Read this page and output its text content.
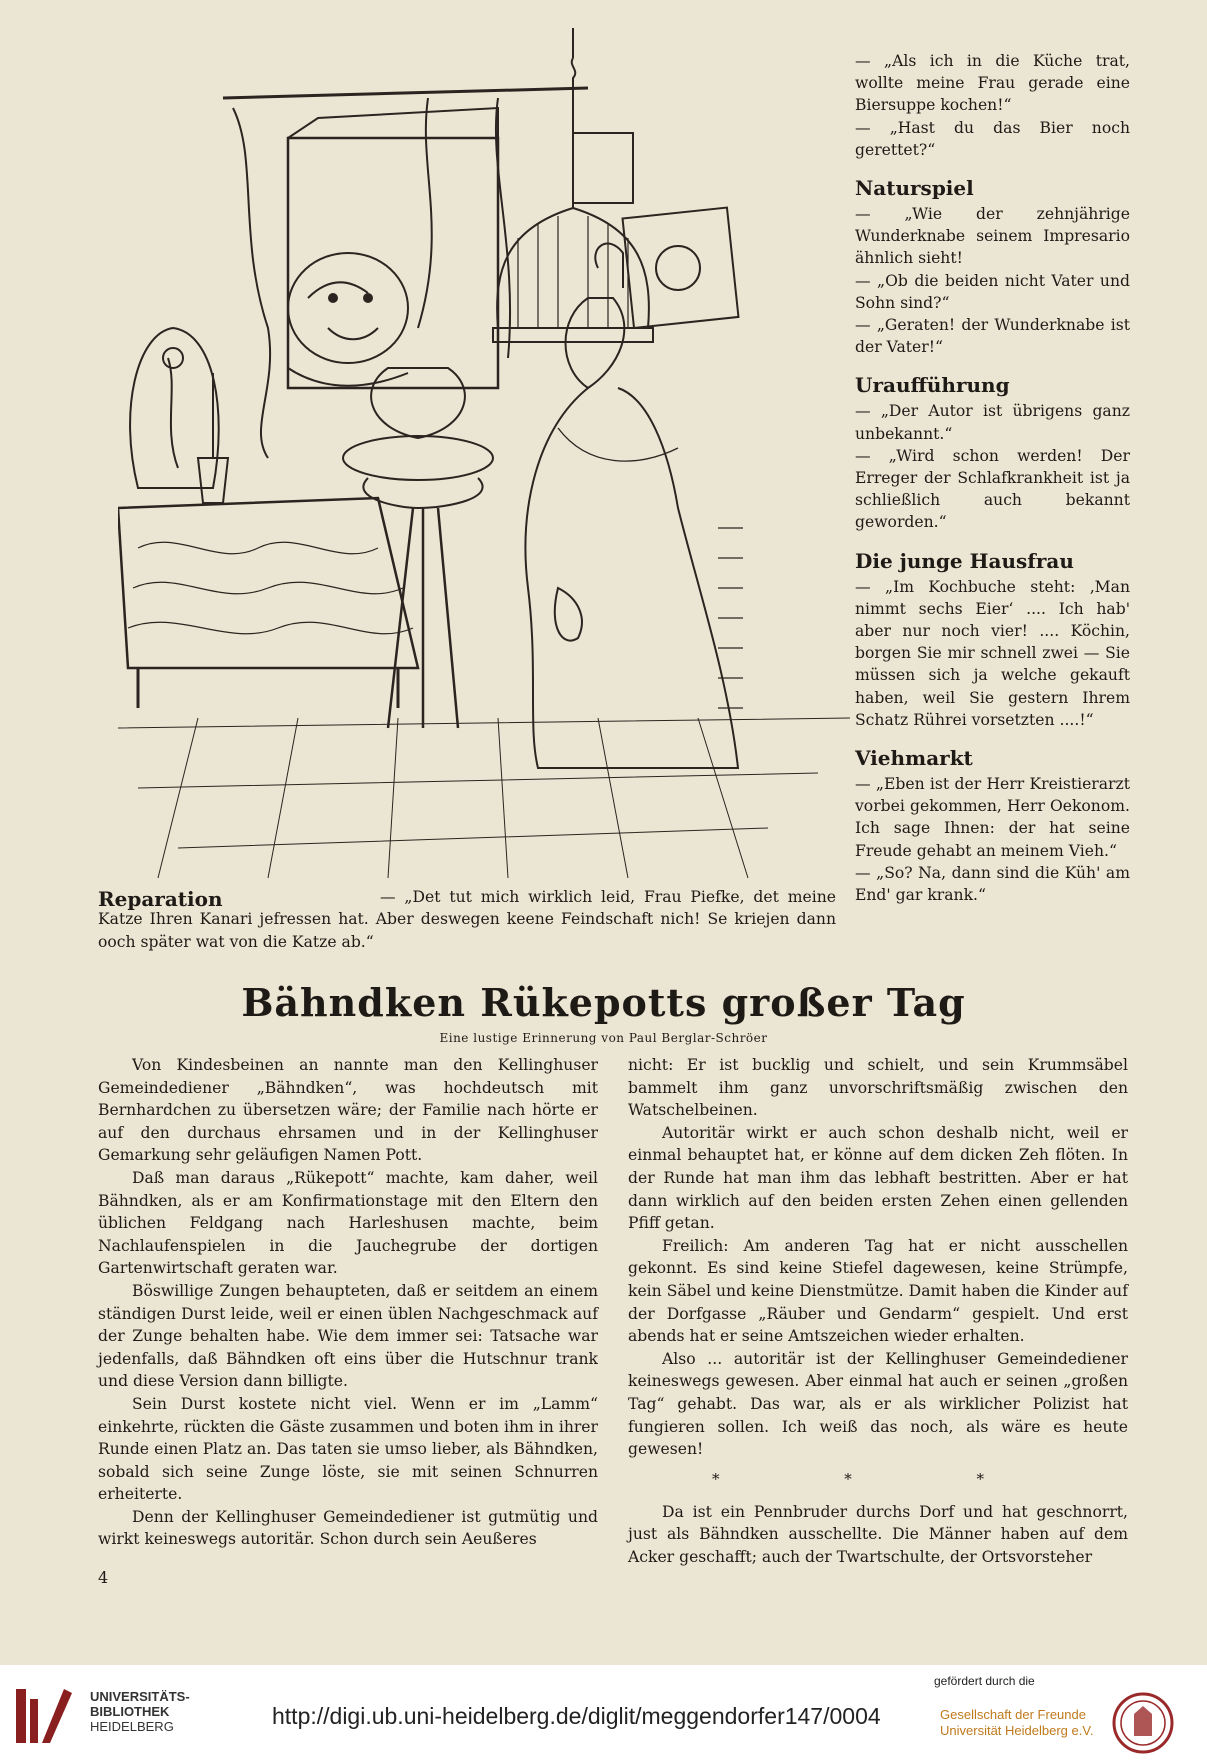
— „Als ich in die Küche trat, wollte meine Frau gerade eine Biersuppe kochen!“

— „Hast du das Bier noch gerettet?“

Naturspiel

— „Wie der zehnjährige Wunderknabe seinem Impresario ähnlich sieht!

— „Ob die beiden nicht Vater und Sohn sind?“

— „Geraten! der Wunderknabe ist der Vater!“

Uraufführung

— „Der Autor ist übrigens ganz unbekannt.“

— „Wird schon werden! Der Erreger der Schlafkrankheit ist ja schließlich auch bekannt geworden.“

Die junge Hausfrau

— „Im Kochbuche steht: ‚Man nimmt sechs Eier‘ .... Ich hab' aber nur noch vier! .... Köchin, borgen Sie mir schnell zwei — Sie müssen sich ja welche gekauft haben, weil Sie gestern Ihrem Schatz Rührei vorsetzten ....!“

Viehmarkt

— „Eben ist der Herr Kreistierarzt vorbei gekommen, Herr Oekonom. Ich sage Ihnen: der hat seine Freude gehabt an meinem Vieh.“

— „So? Na, dann sind die Küh' am End' gar krank.“

Reparation	— „Det tut mich wirklich leid, Frau Piefke, det meine Katze Ihren Kanari jefressen hat. Aber deswegen keene Feindschaft nich! Se kriejen dann ooch später wat von die Katze ab.“
Bähndken Rükepotts großer Tag
Eine lustige Erinnerung von Paul Berglar-Schröer

Von Kindesbeinen an nannte man den Kellinghuser Gemeindediener „Bähndken“, was hochdeutsch mit Bernhardchen zu übersetzen wäre; der Familie nach hörte er auf den durchaus ehrsamen und in der Kellinghuser Gemarkung sehr geläufigen Namen Pott.

Daß man daraus „Rükepott“ machte, kam daher, weil Bähndken, als er am Konfirmationstage mit den Eltern den üblichen Feldgang nach Harleshusen machte, beim Nachlaufenspielen in die Jauchegrube der dortigen Gartenwirtschaft geraten war.

Böswillige Zungen behaupteten, daß er seitdem an einem ständigen Durst leide, weil er einen üblen Nachgeschmack auf der Zunge behalten habe. Wie dem immer sei: Tatsache war jedenfalls, daß Bähndken oft eins über die Hutschnur trank und diese Version dann billigte.

Sein Durst kostete nicht viel. Wenn er im „Lamm“ einkehrte, rückten die Gäste zusammen und boten ihm in ihrer Runde einen Platz an. Das taten sie umso lieber, als Bähndken, sobald sich seine Zunge löste, sie mit seinen Schnurren erheiterte.

Denn der Kellinghuser Gemeindediener ist gutmütig und wirkt keineswegs autoritär. Schon durch sein Aeußeres

nicht: Er ist bucklig und schielt, und sein Krummsäbel bammelt ihm ganz unvorschriftsmäßig zwischen den Watschelbeinen.

Autoritär wirkt er auch schon deshalb nicht, weil er einmal behauptet hat, er könne auf dem dicken Zeh flöten. In der Runde hat man ihm das lebhaft bestritten. Aber er hat dann wirklich auf den beiden ersten Zehen einen gellenden Pfiff getan.

Freilich: Am anderen Tag hat er nicht ausschellen gekonnt. Es sind keine Stiefel dagewesen, keine Strümpfe, kein Säbel und keine Dienstmütze. Damit haben die Kinder auf der Dorfgasse „Räuber und Gendarm“ gespielt. Und erst abends hat er seine Amtszeichen wieder erhalten.

Also ... autoritär ist der Kellinghuser Gemeindediener keineswegs gewesen. Aber einmal hat auch er seinen „großen Tag“ gehabt. Das war, als er als wirklicher Polizist hat fungieren sollen. Ich weiß das noch, als wäre es heute gewesen!

* * *

Da ist ein Pennbruder durchs Dorf und hat geschnorrt, just als Bähndken ausschellte. Die Männer haben auf dem Acker geschafft; auch der Twartschulte, der Ortsvorsteher

4
UNIVERSITÄTS-
BIBLIOTHEK
HEIDELBERG	http://digi.ub.uni-heidelberg.de/diglit/meggendorfer147/0004
gefördert durch die
Gesellschaft der Freunde
Universität Heidelberg e.V.
